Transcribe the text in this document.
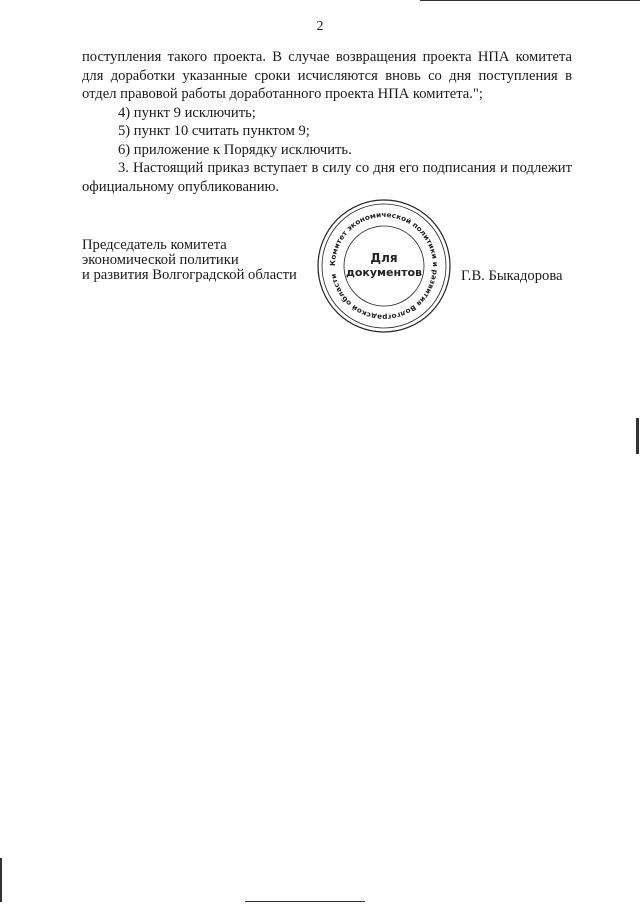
2

поступления такого проекта. В случае возвращения проекта НПА комитета для доработки указанные сроки исчисляются вновь со дня поступления в отдел правовой работы доработанного проекта НПА комитета.";

4) пункт 9 исключить;

5) пункт 10 считать пунктом 9;

6) приложение к Порядку исключить.

3. Настоящий приказ вступает в силу со дня его подписания и подлежит официальному опубликованию.

Председатель комитета
экономической политики
и развития Волгоградской области
Комитет экономической политики и развития Волгоградской области
Для
документов	Г.В. Быкадорова
